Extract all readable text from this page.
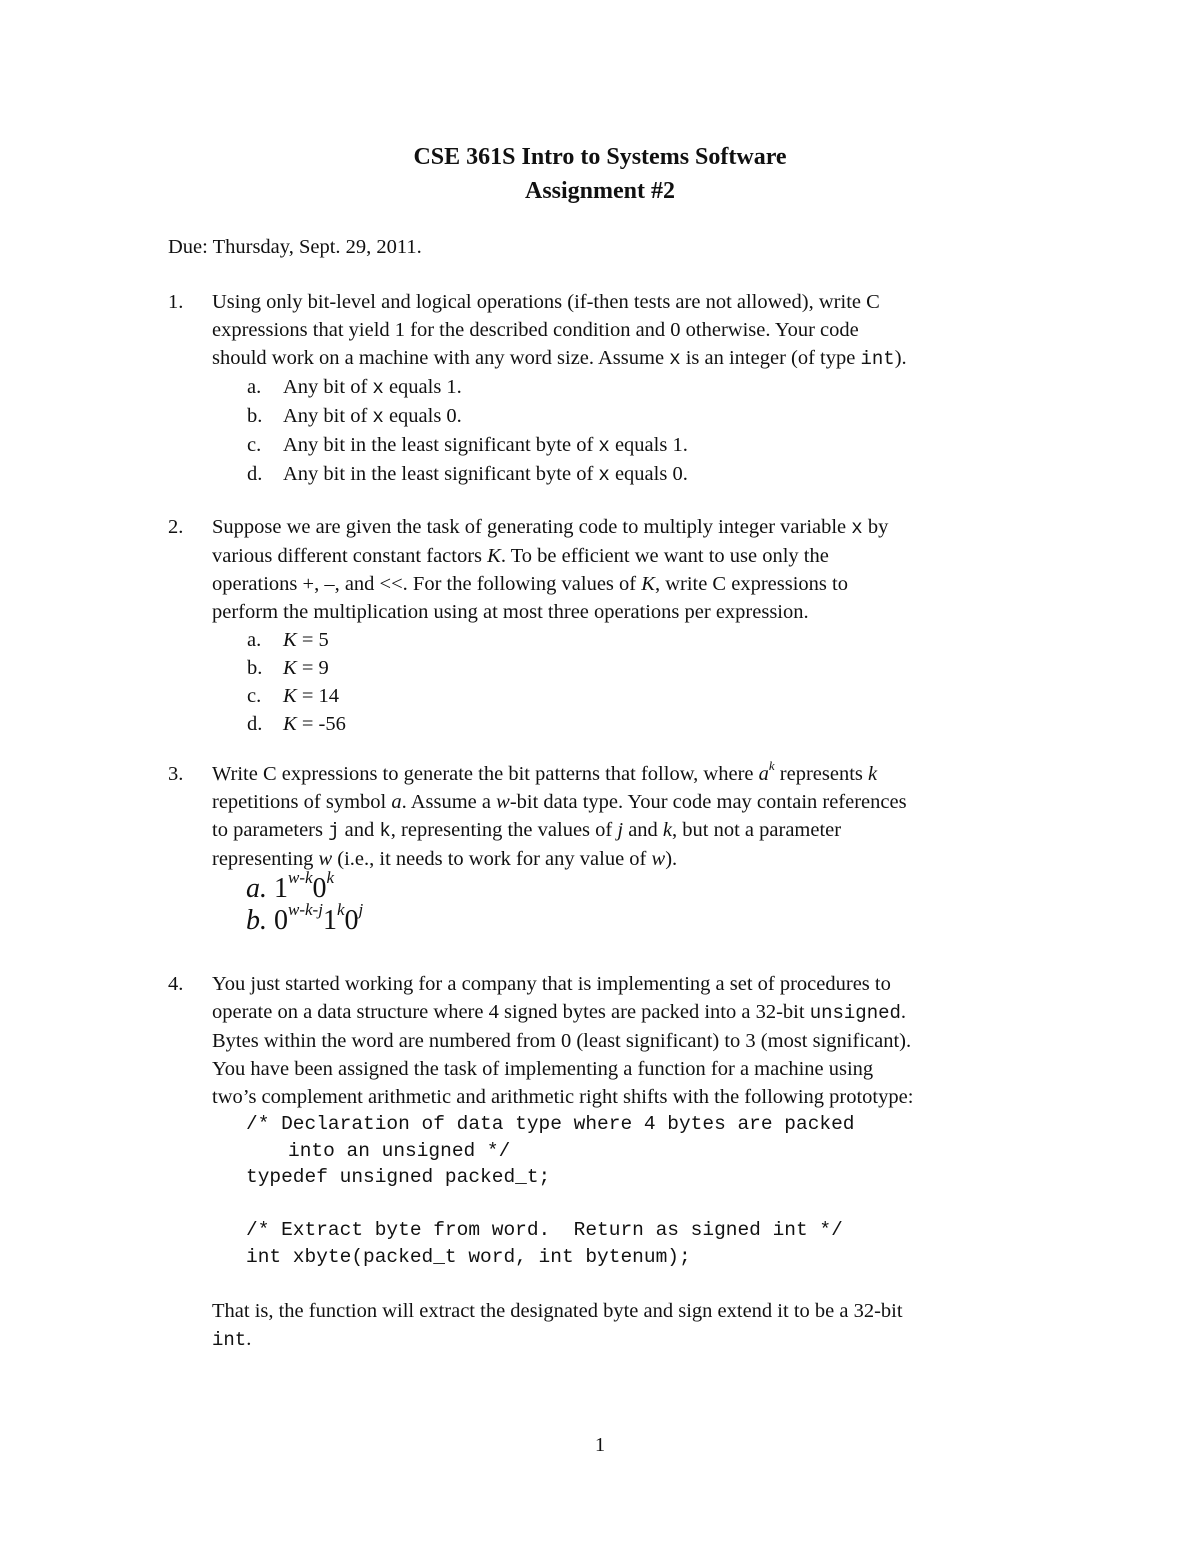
CSE 361S Intro to Systems Software
Assignment #2
Due: Thursday, Sept. 29, 2011.
1.	Using only bit-level and logical operations (if-then tests are not allowed), write C
expressions that yield 1 for the described condition and 0 otherwise. Your code
should work on a machine with any word size. Assume x is an integer (of type int).
a. Any bit of x equals 1.
b. Any bit of x equals 0.
c. Any bit in the least significant byte of x equals 1.
d. Any bit in the least significant byte of x equals 0.
2.	Suppose we are given the task of generating code to multiply integer variable x by
various different constant factors K. To be efficient we want to use only the
operations +, –, and <<. For the following values of K, write C expressions to
perform the multiplication using at most three operations per expression.
a. K = 5
b. K = 9
c. K = 14
d. K = -56
3.	Write C expressions to generate the bit patterns that follow, where $a^k$ represents k
repetitions of symbol a. Assume a w-bit data type. Your code may contain references
to parameters j and k, representing the values of j and k, but not a parameter
representing w (i.e., it needs to work for any value of w).
a. 1$^{w-k}$0$^k$
b. 0$^{w-k-j}$1$^k$0$^j$
4.	You just started working for a company that is implementing a set of procedures to
operate on a data structure where 4 signed bytes are packed into a 32-bit unsigned.
Bytes within the word are numbered from 0 (least significant) to 3 (most significant).
You have been assigned the task of implementing a function for a machine using
two’s complement arithmetic and arithmetic right shifts with the following prototype:
/* Declaration of data type where 4 bytes are packed
into an unsigned */
typedef unsigned packed_t;
/* Extract byte from word.  Return as signed int */
int xbyte(packed_t word, int bytenum);
That is, the function will extract the designated byte and sign extend it to be a 32-bit
int.
1
